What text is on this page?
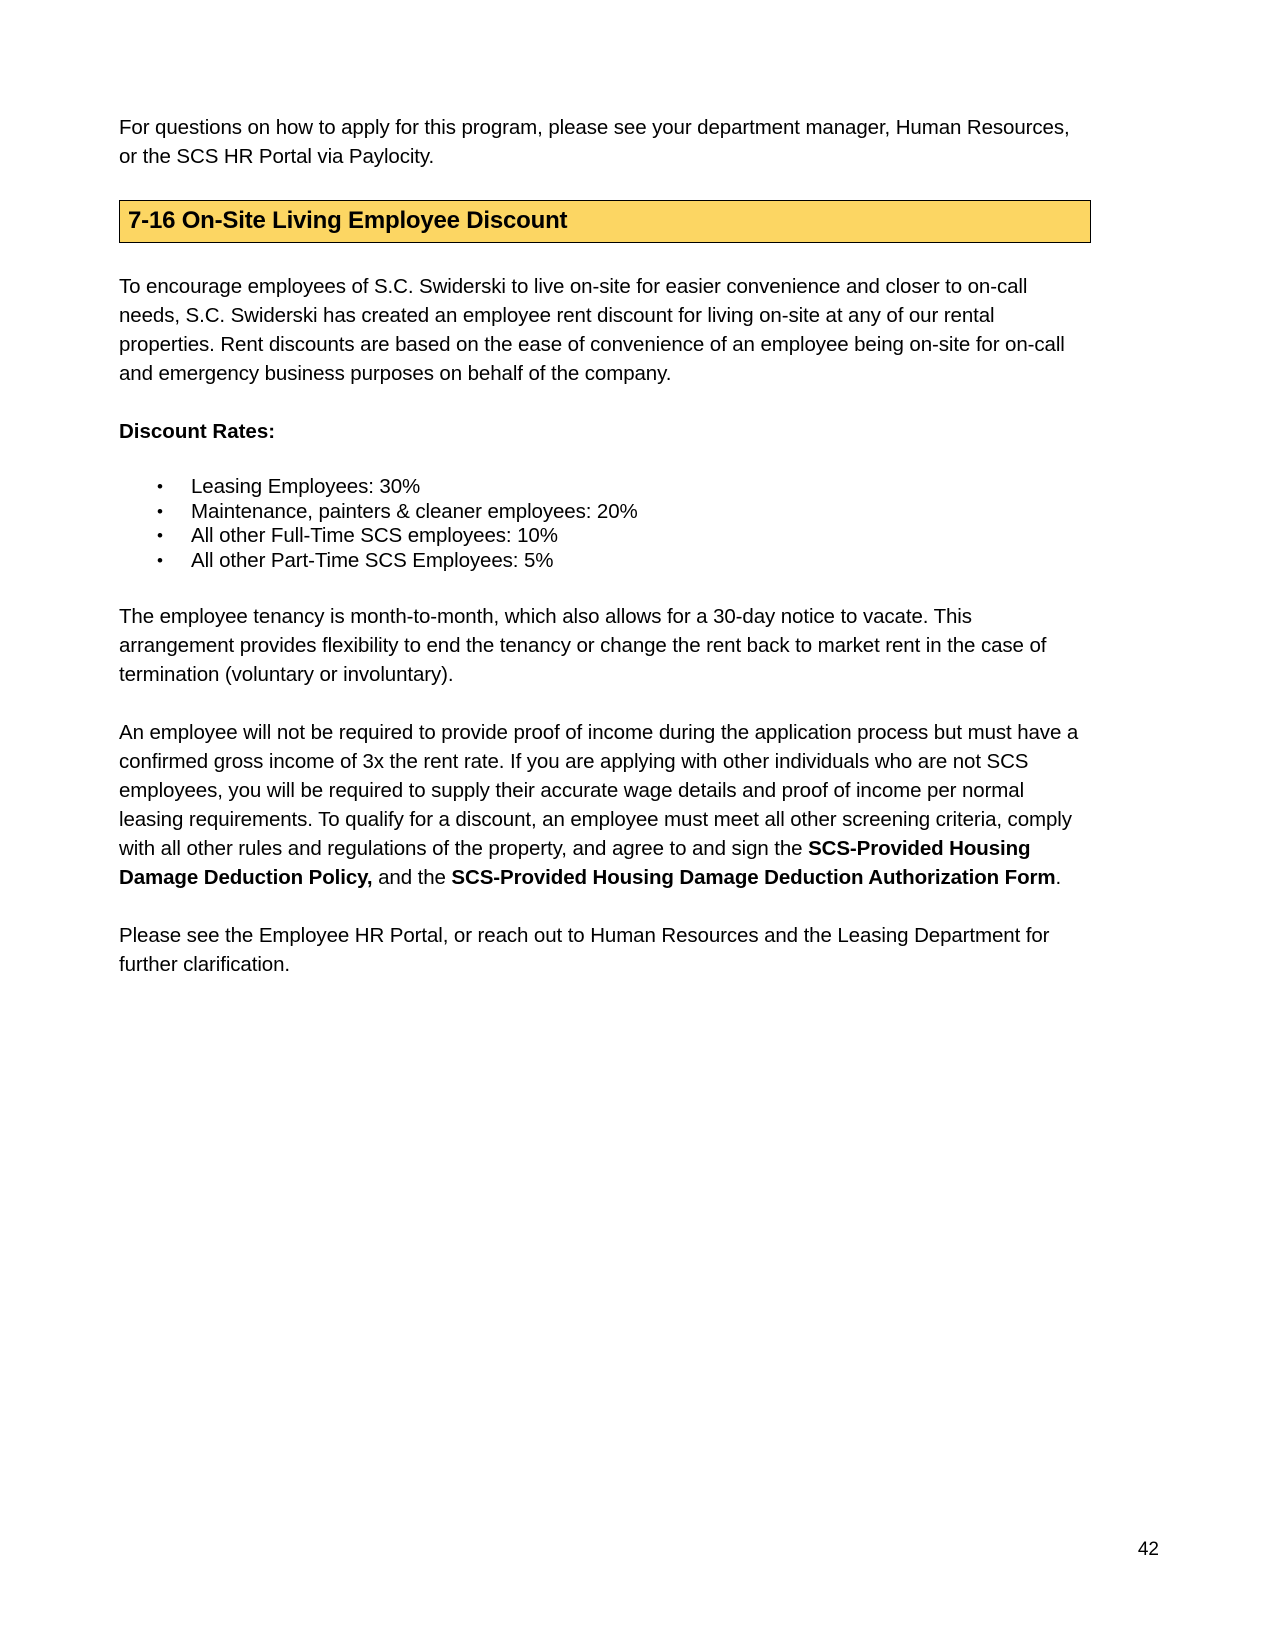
For questions on how to apply for this program, please see your department manager, Human Resources, or the SCS HR Portal via Paylocity.

7-16 On-Site Living Employee Discount

To encourage employees of S.C. Swiderski to live on-site for easier convenience and closer to on-call needs, S.C. Swiderski has created an employee rent discount for living on-site at any of our rental properties. Rent discounts are based on the ease of convenience of an employee being on-site for on-call and emergency business purposes on behalf of the company.

Discount Rates:

• Leasing Employees: 30%
• Maintenance, painters & cleaner employees: 20%
• All other Full-Time SCS employees: 10%
• All other Part-Time SCS Employees: 5%

The employee tenancy is month-to-month, which also allows for a 30-day notice to vacate. This arrangement provides flexibility to end the tenancy or change the rent back to market rent in the case of termination (voluntary or involuntary).

An employee will not be required to provide proof of income during the application process but must have a confirmed gross income of 3x the rent rate. If you are applying with other individuals who are not SCS employees, you will be required to supply their accurate wage details and proof of income per normal leasing requirements. To qualify for a discount, an employee must meet all other screening criteria, comply with all other rules and regulations of the property, and agree to and sign the SCS-Provided Housing Damage Deduction Policy, and the SCS-Provided Housing Damage Deduction Authorization Form.

Please see the Employee HR Portal, or reach out to Human Resources and the Leasing Department for further clarification.

42
